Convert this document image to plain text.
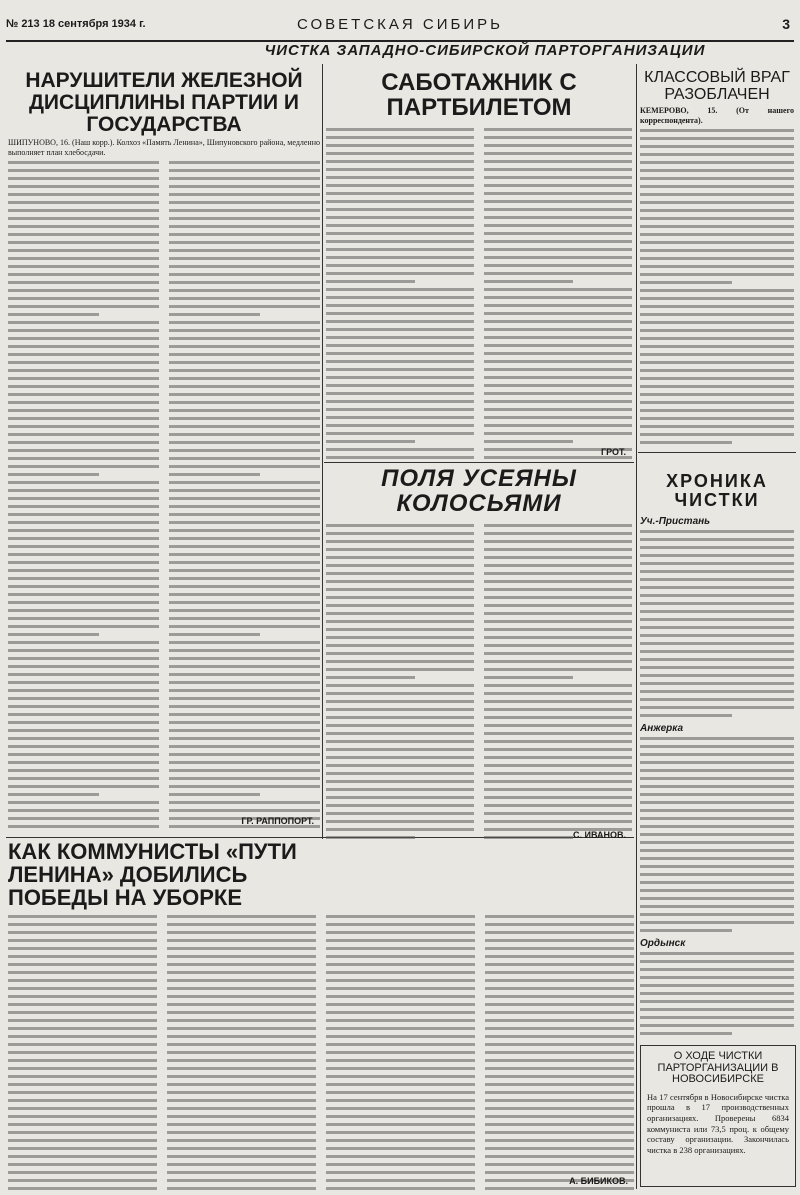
№ 213 18 сентября 1934 г.	СОВЕТСКАЯ СИБИРЬ	3
ЧИСТКА ЗАПАДНО-СИБИРСКОЙ ПАРТОРГАНИЗАЦИИ
НАРУШИТЕЛИ ЖЕЛЕЗНОЙ ДИСЦИПЛИНЫ ПАРТИИ И ГОСУДАРСТВА

ШИПУНОВО, 16. (Наш корр.). Колхоз «Память Ленина», Шипуновского района, медленно выполняет план хлебосдачи.

ГР. РАППОПОРТ.
САБОТАЖНИК С ПАРТБИЛЕТОМ
ГРОТ.
КЛАССОВЫЙ ВРАГ РАЗОБЛАЧЕН

КЕМЕРОВО, 15. (От нашего корреспондента).

ПОЛЯ УСЕЯНЫ КОЛОСЬЯМИ
С. ИВАНОВ.
ХРОНИКА ЧИСТКИ
Уч.-Пристань
Анжерка
Ордынск
КАК КОММУНИСТЫ «ПУТИ ЛЕНИНА» ДОБИЛИСЬ ПОБЕДЫ НА УБОРКЕ
А. БИБИКОВ.
О ХОДЕ ЧИСТКИ ПАРТОРГАНИЗАЦИИ В НОВОСИБИРСКЕ

На 17 сентября в Новосибирске чистка прошла в 17 производственных организациях. Проверены 6834 коммуниста или 73,5 проц. к общему составу организации. Закончилась чистка в 238 организациях.
